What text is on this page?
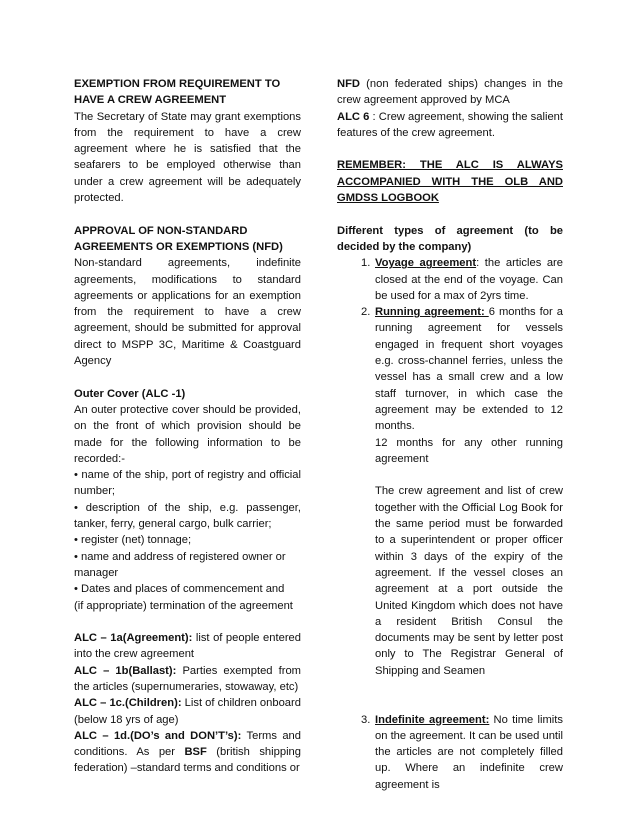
EXEMPTION FROM REQUIREMENT TO

HAVE A CREW AGREEMENT

The Secretary of State may grant exemptions from the requirement to have a crew agreement where he is satisfied that the seafarers to be employed otherwise than under a crew agreement will be adequately protected.

APPROVAL OF NON-STANDARD

AGREEMENTS OR EXEMPTIONS (NFD)

Non-standard agreements, indefinite agreements, modifications to standard agreements or applications for an exemption from the requirement to have a crew agreement, should be submitted for approval direct to MSPP 3C, Maritime & Coastguard Agency

Outer Cover (ALC -1)

An outer protective cover should be provided, on the front of which provision should be made for the following information to be recorded:-

• name of the ship, port of registry and official number;

• description of the ship, e.g. passenger, tanker, ferry, general cargo, bulk carrier;

• register (net) tonnage;

• name and address of registered owner or manager

• Dates and places of commencement and

(if appropriate) termination of the agreement

ALC – 1a(Agreement): list of people entered into the crew agreement

ALC – 1b(Ballast): Parties exempted from the articles (supernumeraries, stowaway, etc)

ALC – 1c.(Children): List of children onboard (below 18 yrs of age)

ALC – 1d.(DO’s and DON’T’s): Terms and conditions. As per BSF (british shipping federation) –standard terms and conditions or

NFD (non federated ships) changes in the crew agreement approved by MCA

ALC 6 : Crew agreement, showing the salient features of the crew agreement.

REMEMBER: THE ALC IS ALWAYS ACCOMPANIED WITH THE OLB AND GMDSS LOGBOOK

Different types of agreement (to be decided by the company)

1. Voyage agreement: the articles are closed at the end of the voyage. Can be used for a max of 2yrs time.

2. Running agreement: 6 months for a running agreement for vessels engaged in frequent short voyages e.g. cross-channel ferries, unless the vessel has a small crew and a low staff turnover, in which case the agreement may be extended to 12 months.

12 months for any other running agreement

The crew agreement and list of crew together with the Official Log Book for the same period must be forwarded to a superintendent or proper officer within 3 days of the expiry of the agreement. If the vessel closes an agreement at a port outside the United Kingdom which does not have a resident British Consul the documents may be sent by letter post only to The Registrar General of Shipping and Seamen

3. Indefinite agreement: No time limits on the agreement. It can be used until the articles are not completely filled up. Where an indefinite crew agreement is
